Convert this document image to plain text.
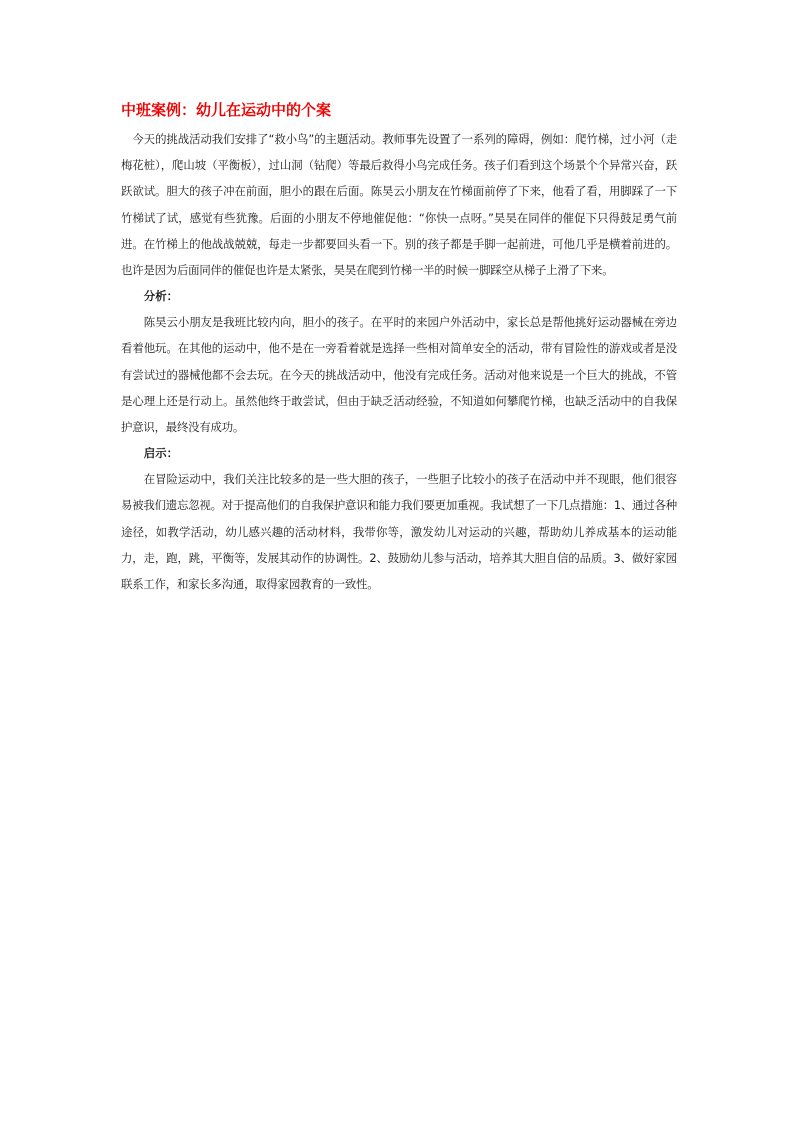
中班案例：幼儿在运动中的个案

今天的挑战活动我们安排了“救小鸟”的主题活动。教师事先设置了一系列的障碍，例如：爬竹梯，过小河（走梅花桩），爬山坡（平衡板），过山洞（钻爬）等最后救得小鸟完成任务。孩子们看到这个场景个个异常兴奋，跃跃欲试。胆大的孩子冲在前面，胆小的跟在后面。陈昊云小朋友在竹梯面前停了下来，他看了看，用脚踩了一下竹梯试了试，感觉有些犹豫。后面的小朋友不停地催促他：“你快一点呀。”昊昊在同伴的催促下只得鼓足勇气前进。在竹梯上的他战战兢兢，每走一步都要回头看一下。别的孩子都是手脚一起前进，可他几乎是横着前进的。也许是因为后面同伴的催促也许是太紧张，昊昊在爬到竹梯一半的时候一脚踩空从梯子上滑了下来。

分析：

陈昊云小朋友是我班比较内向，胆小的孩子。在平时的来园户外活动中，家长总是帮他挑好运动器械在旁边看着他玩。在其他的运动中，他不是在一旁看着就是选择一些相对简单安全的活动，带有冒险性的游戏或者是没有尝试过的器械他都不会去玩。在今天的挑战活动中，他没有完成任务。活动对他来说是一个巨大的挑战，不管是心理上还是行动上。虽然他终于敢尝试，但由于缺乏活动经验，不知道如何攀爬竹梯，也缺乏活动中的自我保护意识，最终没有成功。

启示：

在冒险运动中，我们关注比较多的是一些大胆的孩子，一些胆子比较小的孩子在活动中并不现眼，他们很容易被我们遗忘忽视。对于提高他们的自我保护意识和能力我们要更加重视。我试想了一下几点措施：1、通过各种途径，如教学活动，幼儿感兴趣的活动材料，我带你等，激发幼儿对运动的兴趣，帮助幼儿养成基本的运动能力，走，跑，跳，平衡等，发展其动作的协调性。2、鼓励幼儿参与活动，培养其大胆自信的品质。3、做好家园联系工作，和家长多沟通，取得家园教育的一致性。
